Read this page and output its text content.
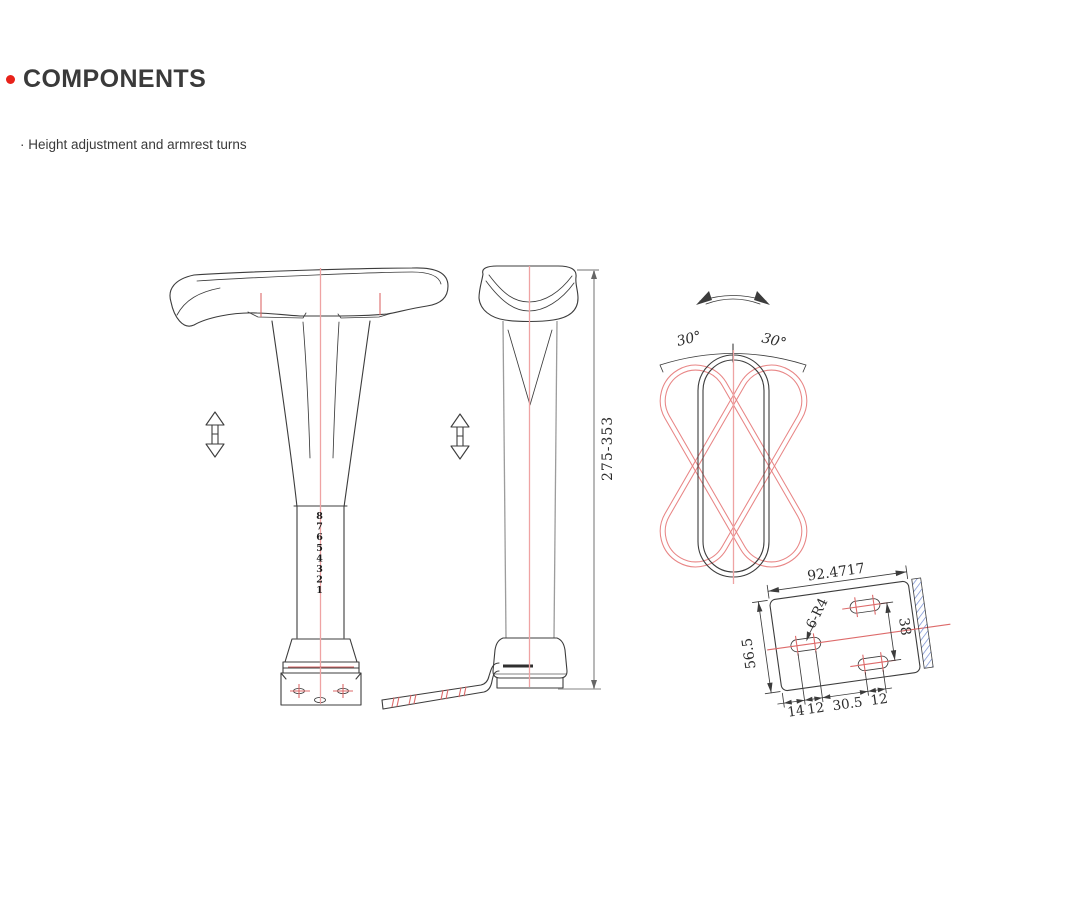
COMPONENTS
· Height adjustment and armrest turns
8
7
6
5
4
3
2
1
275-353
30°	30°
92.4717
56.5
38
6-R4
14 12 30.5 12
